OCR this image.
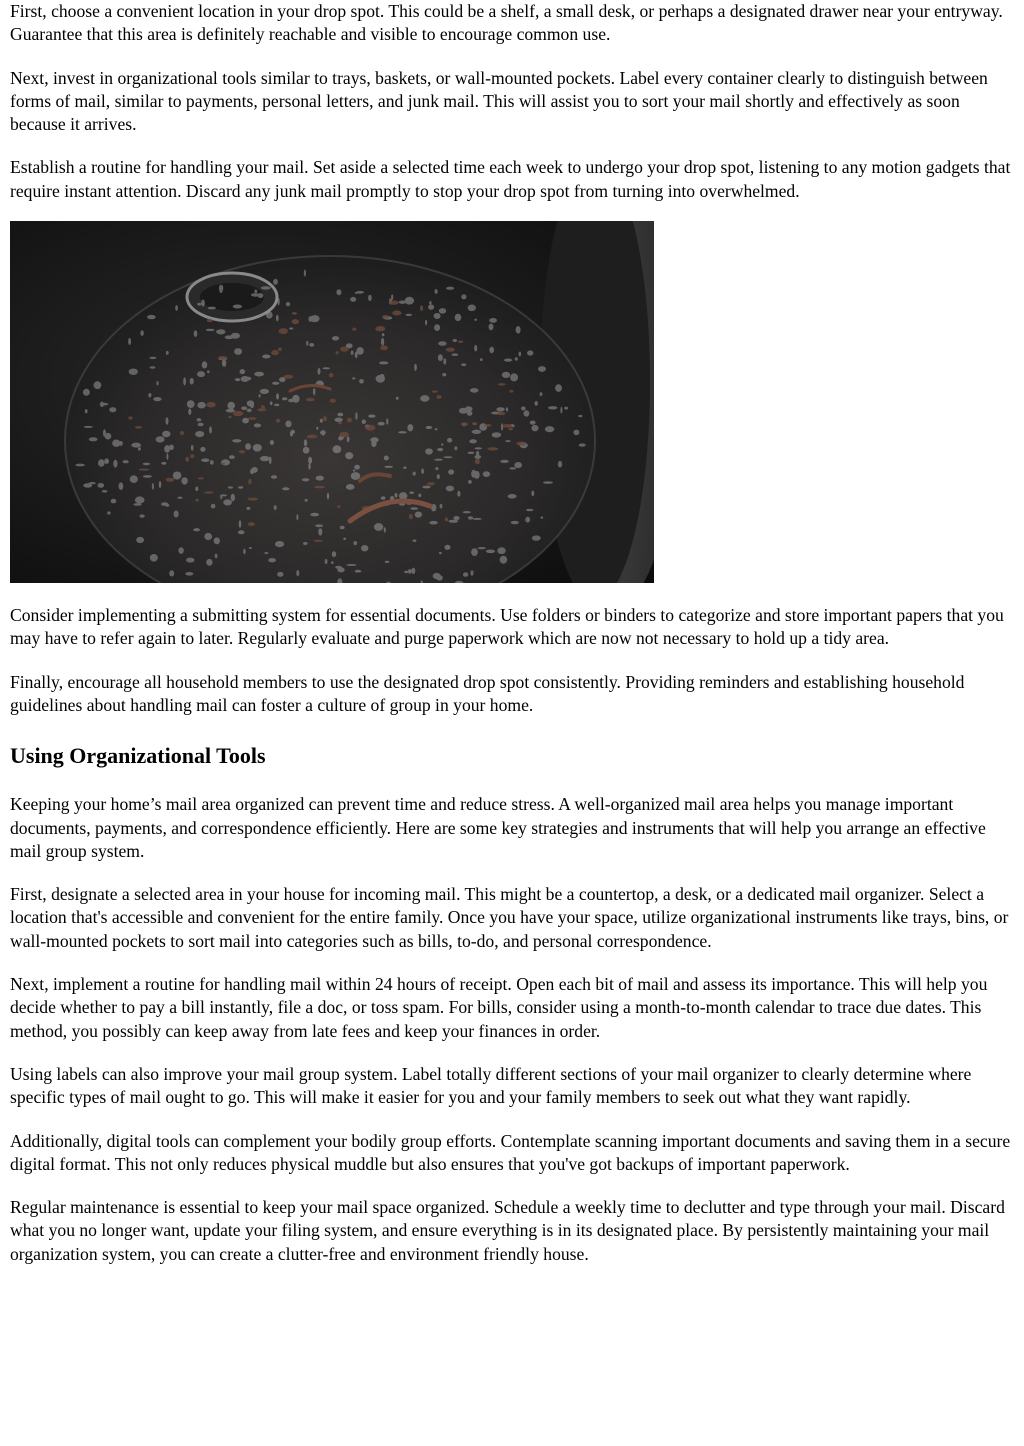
First, choose a convenient location in your drop spot. This could be a shelf, a small desk, or perhaps a designated drawer near your entryway. Guarantee that this area is definitely reachable and visible to encourage common use.

Next, invest in organizational tools similar to trays, baskets, or wall-mounted pockets. Label every container clearly to distinguish between forms of mail, similar to payments, personal letters, and junk mail. This will assist you to sort your mail shortly and effectively as soon because it arrives.

Establish a routine for handling your mail. Set aside a selected time each week to undergo your drop spot, listening to any motion gadgets that require instant attention. Discard any junk mail promptly to stop your drop spot from turning into overwhelmed.

Consider implementing a submitting system for essential documents. Use folders or binders to categorize and store important papers that you may have to refer again to later. Regularly evaluate and purge paperwork which are now not necessary to hold up a tidy area.

Finally, encourage all household members to use the designated drop spot consistently. Providing reminders and establishing household guidelines about handling mail can foster a culture of group in your home.

Using Organizational Tools

Keeping your home’s mail area organized can prevent time and reduce stress. A well-organized mail area helps you manage important documents, payments, and correspondence efficiently. Here are some key strategies and instruments that will help you arrange an effective mail group system.

First, designate a selected area in your house for incoming mail. This might be a countertop, a desk, or a dedicated mail organizer. Select a location that's accessible and convenient for the entire family. Once you have your space, utilize organizational instruments like trays, bins, or wall-mounted pockets to sort mail into categories such as bills, to-do, and personal correspondence.

Next, implement a routine for handling mail within 24 hours of receipt. Open each bit of mail and assess its importance. This will help you decide whether to pay a bill instantly, file a doc, or toss spam. For bills, consider using a month-to-month calendar to trace due dates. This method, you possibly can keep away from late fees and keep your finances in order.

Using labels can also improve your mail group system. Label totally different sections of your mail organizer to clearly determine where specific types of mail ought to go. This will make it easier for you and your family members to seek out what they want rapidly.

Additionally, digital tools can complement your bodily group efforts. Contemplate scanning important documents and saving them in a secure digital format. This not only reduces physical muddle but also ensures that you've got backups of important paperwork.

Regular maintenance is essential to keep your mail space organized. Schedule a weekly time to declutter and type through your mail. Discard what you no longer want, update your filing system, and ensure everything is in its designated place. By persistently maintaining your mail organization system, you can create a clutter-free and environment friendly house.
